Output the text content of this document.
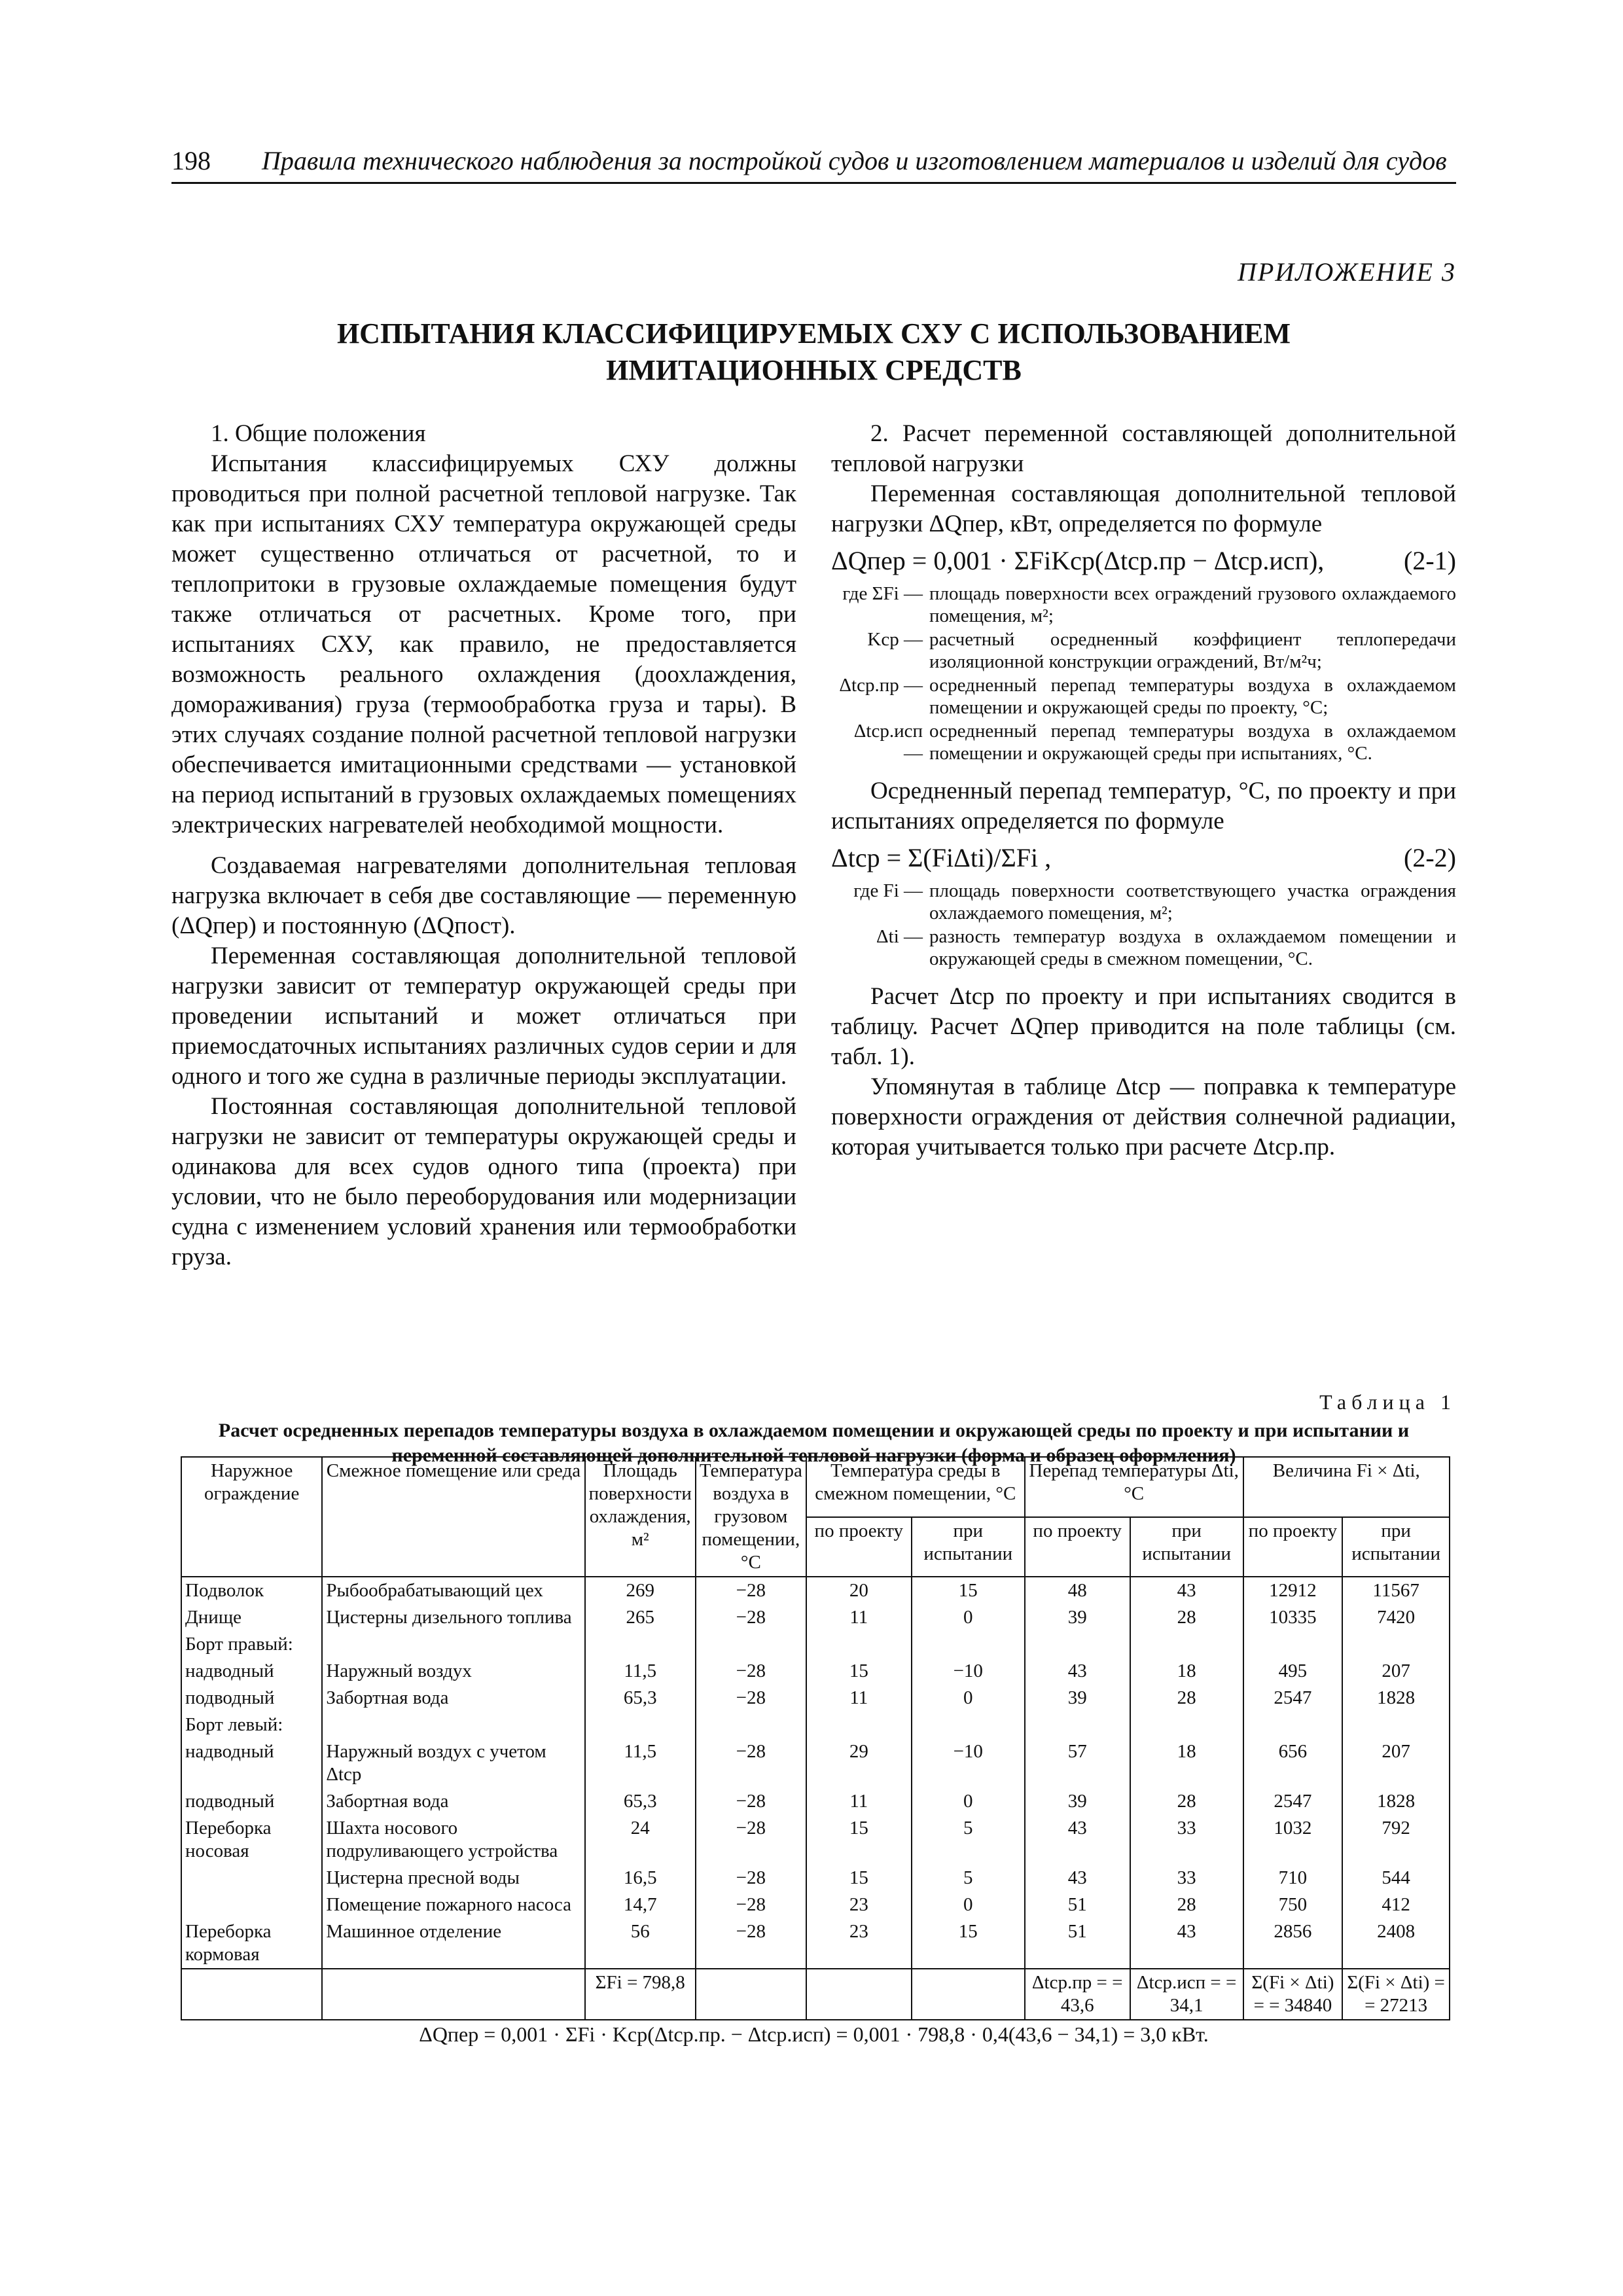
198 Правила технического наблюдения за постройкой судов и изготовлением материалов и изделий для судов
ПРИЛОЖЕНИЕ 3
ИСПЫТАНИЯ КЛАССИФИЦИРУЕМЫХ СХУ С ИСПОЛЬЗОВАНИЕМ
ИМИТАЦИОННЫХ СРЕДСТВ

1. Общие положения

Испытания классифицируемых СХУ должны проводиться при полной расчетной тепловой нагрузке. Так как при испытаниях СХУ температура окружающей среды может существенно отличаться от расчетной, то и теплопритоки в грузовые охлаждаемые помещения будут также отличаться от расчетных. Кроме того, при испытаниях СХУ, как правило, не предоставляется возможность реального охлаждения (доохлаждения, домораживания) груза (термообработка груза и тары). В этих случаях создание полной расчетной тепловой нагрузки обеспечивается имитационными средствами — установкой на период испытаний в грузовых охлаждаемых помещениях электрических нагревателей необходимой мощности.

Создаваемая нагревателями дополнительная тепловая нагрузка включает в себя две составляющие — переменную (ΔQпер) и постоянную (ΔQпост).

Переменная составляющая дополнительной тепловой нагрузки зависит от температур окружающей среды при проведении испытаний и может отличаться при приемосдаточных испытаниях различных судов серии и для одного и того же судна в различные периоды эксплуатации.

Постоянная составляющая дополнительной тепловой нагрузки не зависит от температуры окружающей среды и одинакова для всех судов одного типа (проекта) при условии, что не было переоборудования или модернизации судна с изменением условий хранения или термообработки груза.

2. Расчет переменной составляющей дополнительной тепловой нагрузки

Переменная составляющая дополнительной тепловой нагрузки ΔQпер, кВт, определяется по формуле

ΔQпер = 0,001 · ΣFiKср(Δtср.пр − Δtср.исп),	(2-1)
где ΣFi — площадь поверхности всех ограждений грузового охлаждаемого помещения, м²;
Kср — расчетный осредненный коэффициент теплопередачи изоляционной конструкции ограждений, Вт/м²ч;
Δtср.пр — осредненный перепад температуры воздуха в охлаждаемом помещении и окружающей среды по проекту, °С;
Δtср.исп —
осредненный перепад температуры воздуха в охлаждаемом помещении и окружающей среды при испытаниях, °С.

Осредненный перепад температур, °С, по проекту и при испытаниях определяется по формуле

Δtср = Σ(FiΔti)/ΣFi ,	(2-2)
где Fi — площадь поверхности соответствующего участка ограждения охлаждаемого помещения, м²;
Δti — разность температур воздуха в охлаждаемом помещении и окружающей среды в смежном помещении, °С.

Расчет Δtср по проекту и при испытаниях сводится в таблицу. Расчет ΔQпер приводится на поле таблицы (см. табл. 1).

Упомянутая в таблице Δtср — поправка к температуре поверхности ограждения от действия солнечной радиации, которая учитывается только при расчете Δtср.пр.

Таблица 1
Расчет осредненных перепадов температуры воздуха в охлаждаемом помещении и окружающей среды по проекту и при испытании и переменной составляющей дополнительной тепловой нагрузки (форма и образец оформления)
Наружное ограждение	Смежное помещение или среда	Площадь поверхности охлаждения, м²	Температура воздуха в грузовом помещении, °С	Температура среды в смежном помещении, °С		Перепад температуры Δti, °С		Величина Fi × Δti,	
				по проекту	при испытании	по проекту	при испытании	по проекту	при испытании
Подволок	Рыбообрабатывающий цех	269	−28	20	15	48	43	12912	11567
Днище	Цистерны дизельного топлива	265	−28	11	0	39	28	10335	7420
Борт правый:									
надводный	Наружный воздух	11,5	−28	15	−10	43	18	495	207
подводный	Забортная вода	65,3	−28	11	0	39	28	2547	1828
Борт левый:									
надводный	Наружный воздух с учетом Δtср	11,5	−28	29	−10	57	18	656	207
подводный	Забортная вода	65,3	−28	11	0	39	28	2547	1828
Переборка носовая	Шахта носового подруливающего устройства	24	−28	15	5	43	33	1032	792
	Цистерна пресной воды	16,5	−28	15	5	43	33	710	544
	Помещение пожарного насоса	14,7	−28	23	0	51	28	750	412
Переборка кормовая	Машинное отделение	56	−28	23	15	51	43	2856	2408
		ΣFi = 798,8				Δtср.пр = = 43,6	Δtср.исп = = 34,1	Σ(Fi × Δti) = = 34840	Σ(Fi × Δti) = = 27213
ΔQпер = 0,001 · ΣFi · Kср(Δtср.пр. − Δtср.исп) = 0,001 · 798,8 · 0,4(43,6 − 34,1) = 3,0 кВт.
